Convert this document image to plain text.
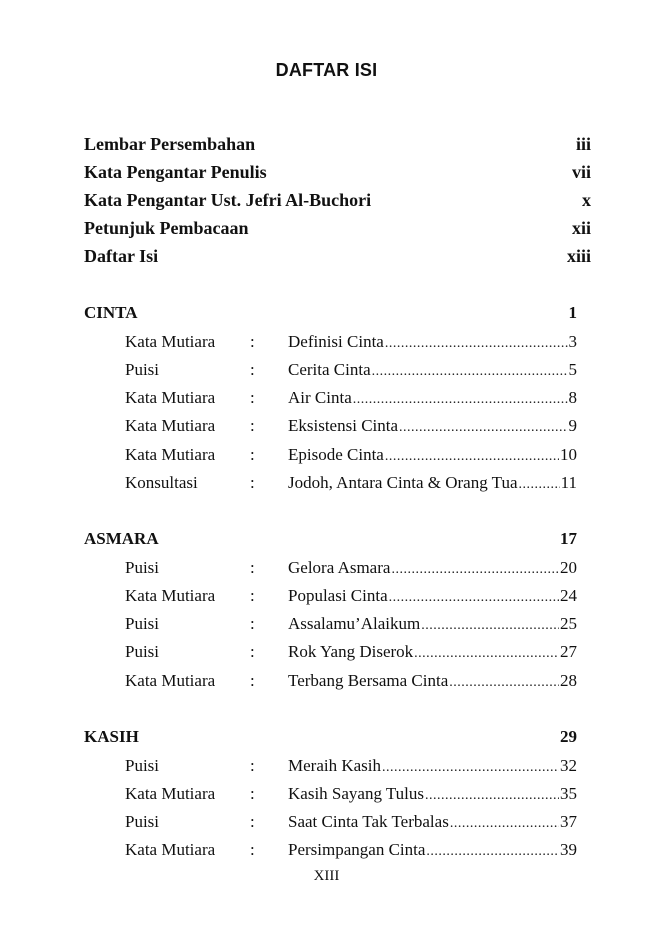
DAFTAR ISI
Lembar Persembahan	iii
Kata Pengantar Penulis	vii
Kata Pengantar Ust. Jefri Al-Buchori	x
Petunjuk Pembacaan	xii
Daftar Isi	xiii
CINTA	1
Kata Mutiara : Definisi Cinta .....	3
Puisi	: Cerita Cinta .....	5
Kata Mutiara : Air Cinta .....	8
Kata Mutiara : Eksistensi Cinta .....	9
Kata Mutiara : Episode Cinta .....	10
Konsultasi	: Jodoh, Antara Cinta & Orang Tua .....	11
ASMARA	17
Puisi	: Gelora Asmara .....	20
Kata Mutiara : Populasi Cinta .....	24
Puisi	: Assalamu’Alaikum .....	25
Puisi	: Rok Yang Diserok .....	27
Kata Mutiara : Terbang Bersama Cinta .....	28
KASIH	29
Puisi	: Meraih Kasih .....	32
Kata Mutiara : Kasih Sayang Tulus .....	35
Puisi	: Saat Cinta Tak Terbalas .....	37
Kata Mutiara : Persimpangan Cinta .....	39
XIII
